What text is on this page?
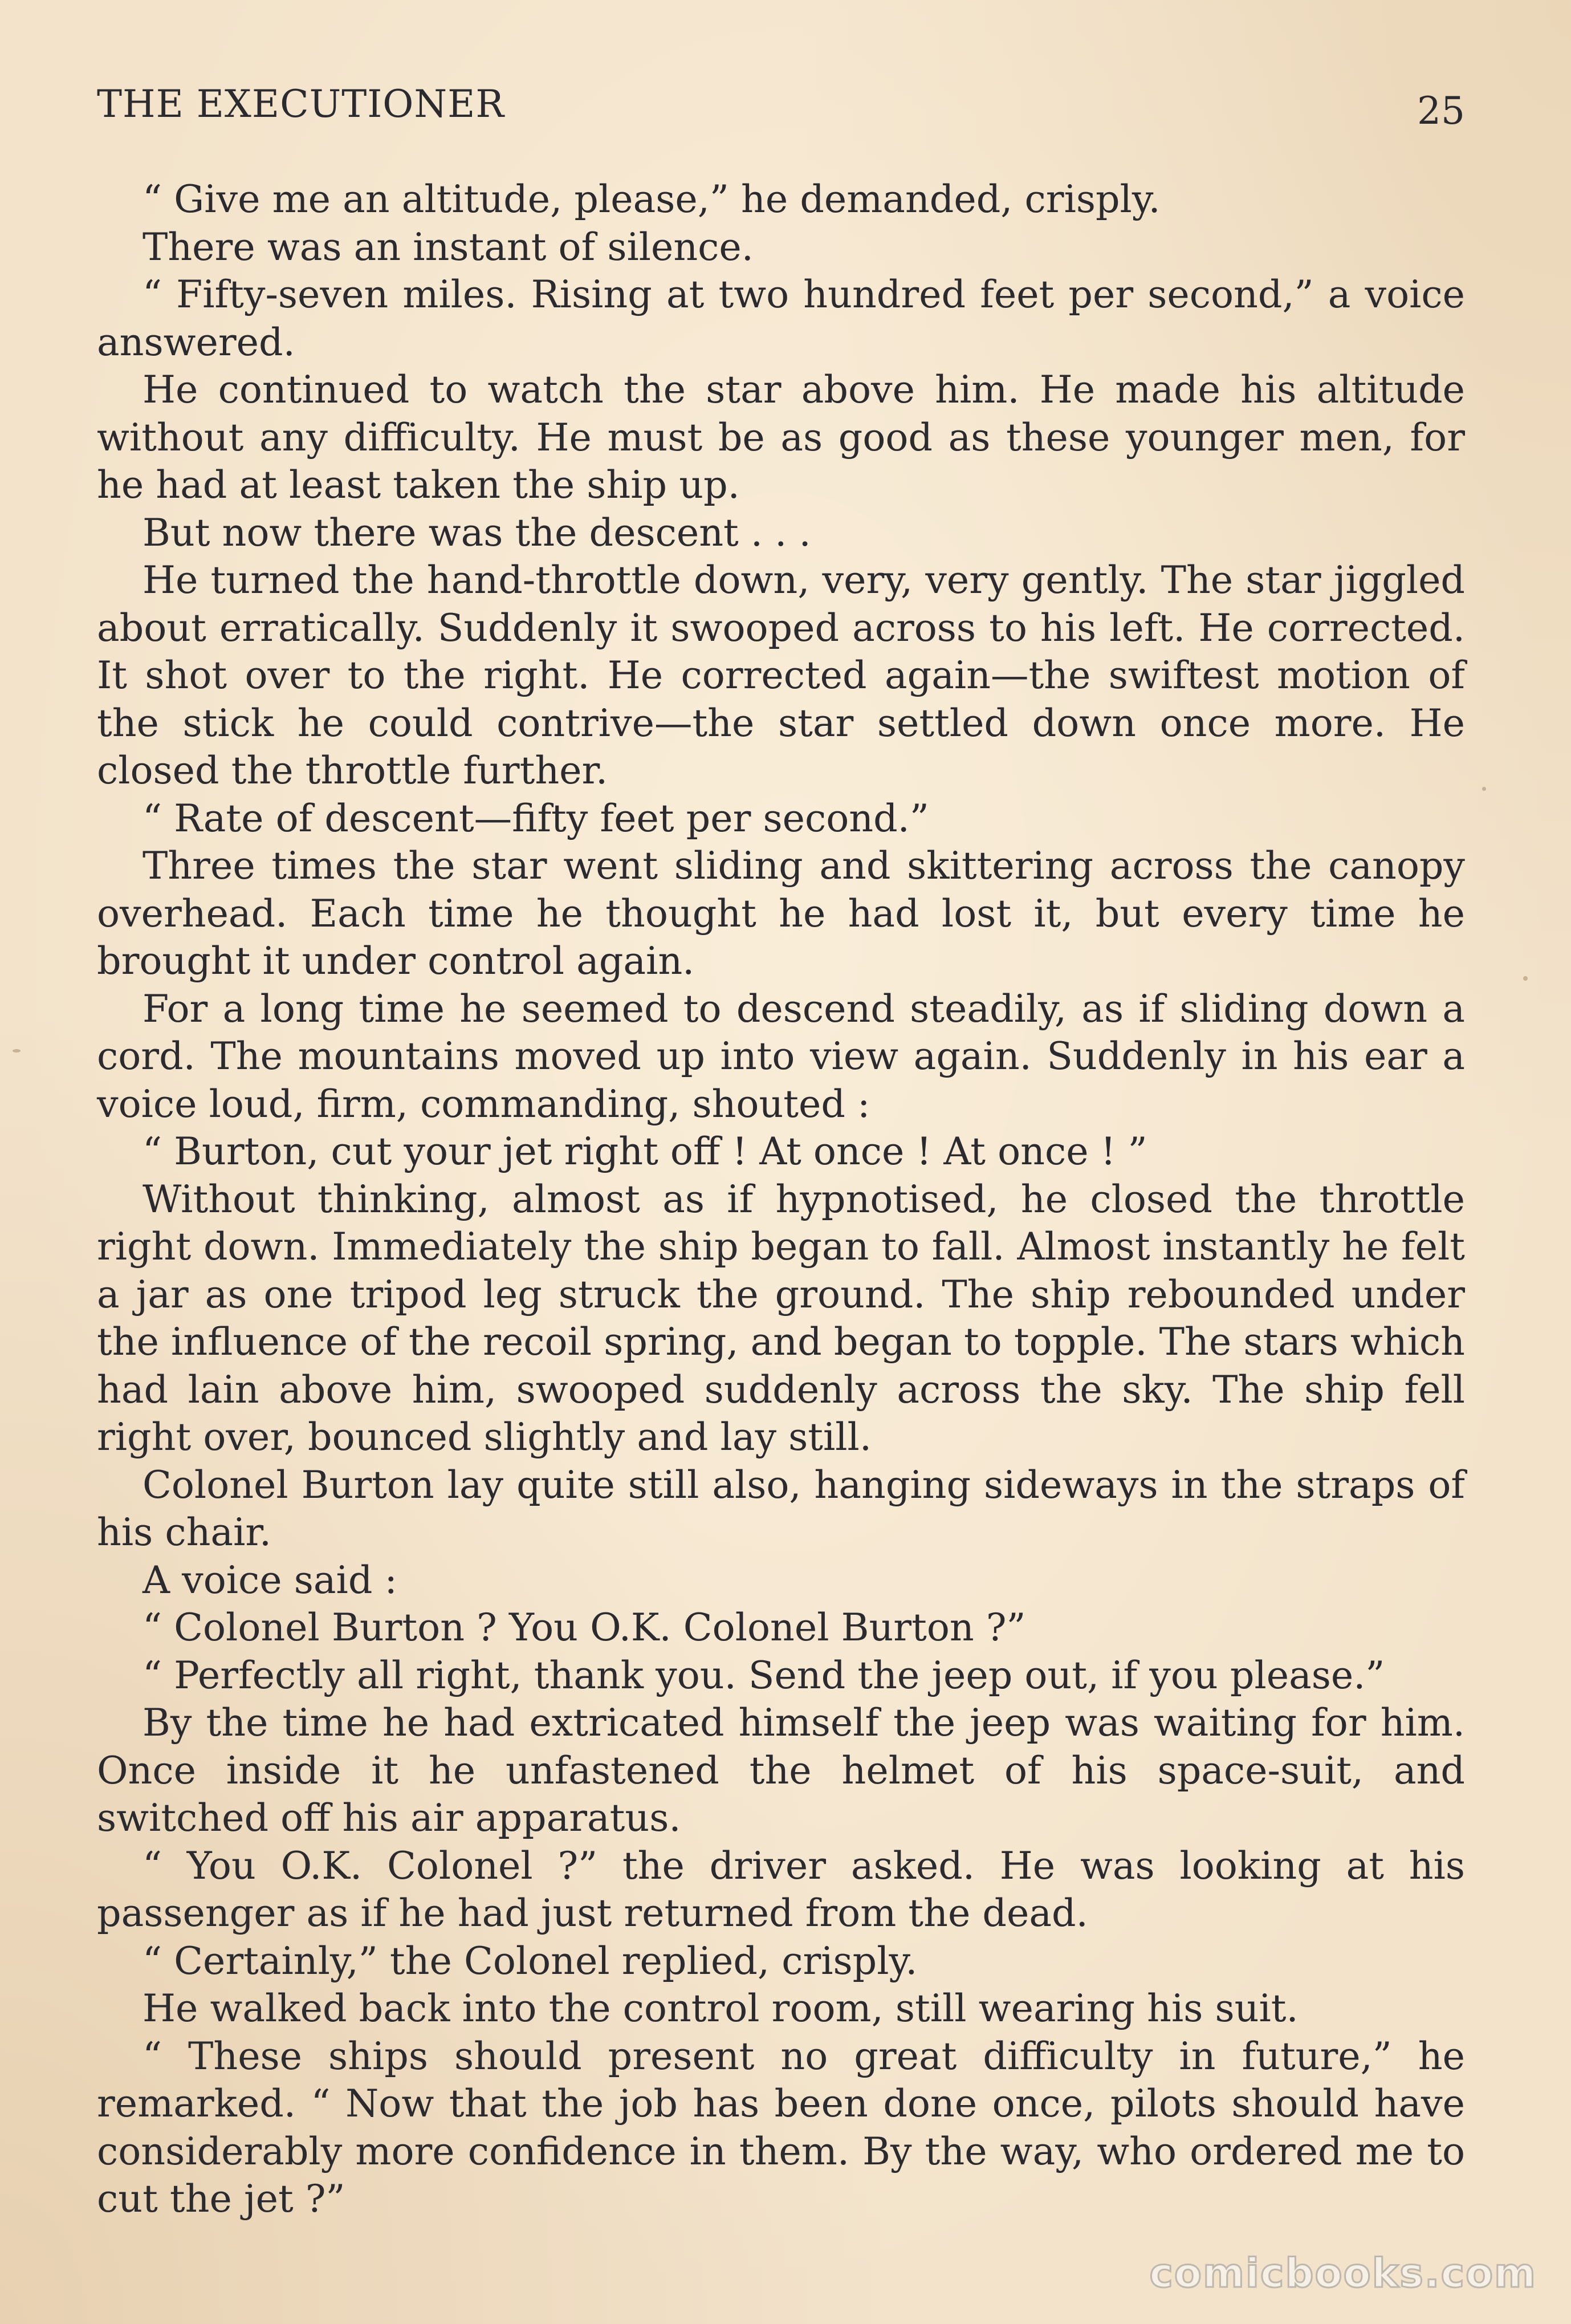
THE EXECUTIONER	25

“ Give me an altitude, please,” he demanded, crisply.

There was an instant of silence.

“ Fifty-seven miles. Rising at two hundred feet per second,” a voice answered.

He continued to watch the star above him. He made his altitude without any difficulty. He must be as good as these younger men, for he had at least taken the ship up.

But now there was the descent . . .

He turned the hand-throttle down, very, very gently. The star jiggled about erratically. Suddenly it swooped across to his left. He corrected. It shot over to the right. He corrected again—the swiftest motion of the stick he could contrive—the star settled down once more. He closed the throttle further.

“ Rate of descent—fifty feet per second.”

Three times the star went sliding and skittering across the canopy overhead. Each time he thought he had lost it, but every time he brought it under control again.

For a long time he seemed to descend steadily, as if sliding down a cord. The mountains moved up into view again. Suddenly in his ear a voice loud, firm, commanding, shouted :

“ Burton, cut your jet right off ! At once ! At once ! ”

Without thinking, almost as if hypnotised, he closed the throttle right down. Immediately the ship began to fall. Almost instantly he felt a jar as one tripod leg struck the ground. The ship rebounded under the influence of the recoil spring, and began to topple. The stars which had lain above him, swooped suddenly across the sky. The ship fell right over, bounced slightly and lay still.

Colonel Burton lay quite still also, hanging sideways in the straps of his chair.

A voice said :

“ Colonel Burton ? You O.K. Colonel Burton ?”

“ Perfectly all right, thank you. Send the jeep out, if you please.”

By the time he had extricated himself the jeep was waiting for him. Once inside it he unfastened the helmet of his space-suit, and switched off his air apparatus.

“ You O.K. Colonel ?” the driver asked. He was looking at his passenger as if he had just returned from the dead.

“ Certainly,” the Colonel replied, crisply.

He walked back into the control room, still wearing his suit.

“ These ships should present no great difficulty in future,” he remarked. “ Now that the job has been done once, pilots should have considerably more confidence in them. By the way, who ordered me to cut the jet ?”

comicbooks.com
